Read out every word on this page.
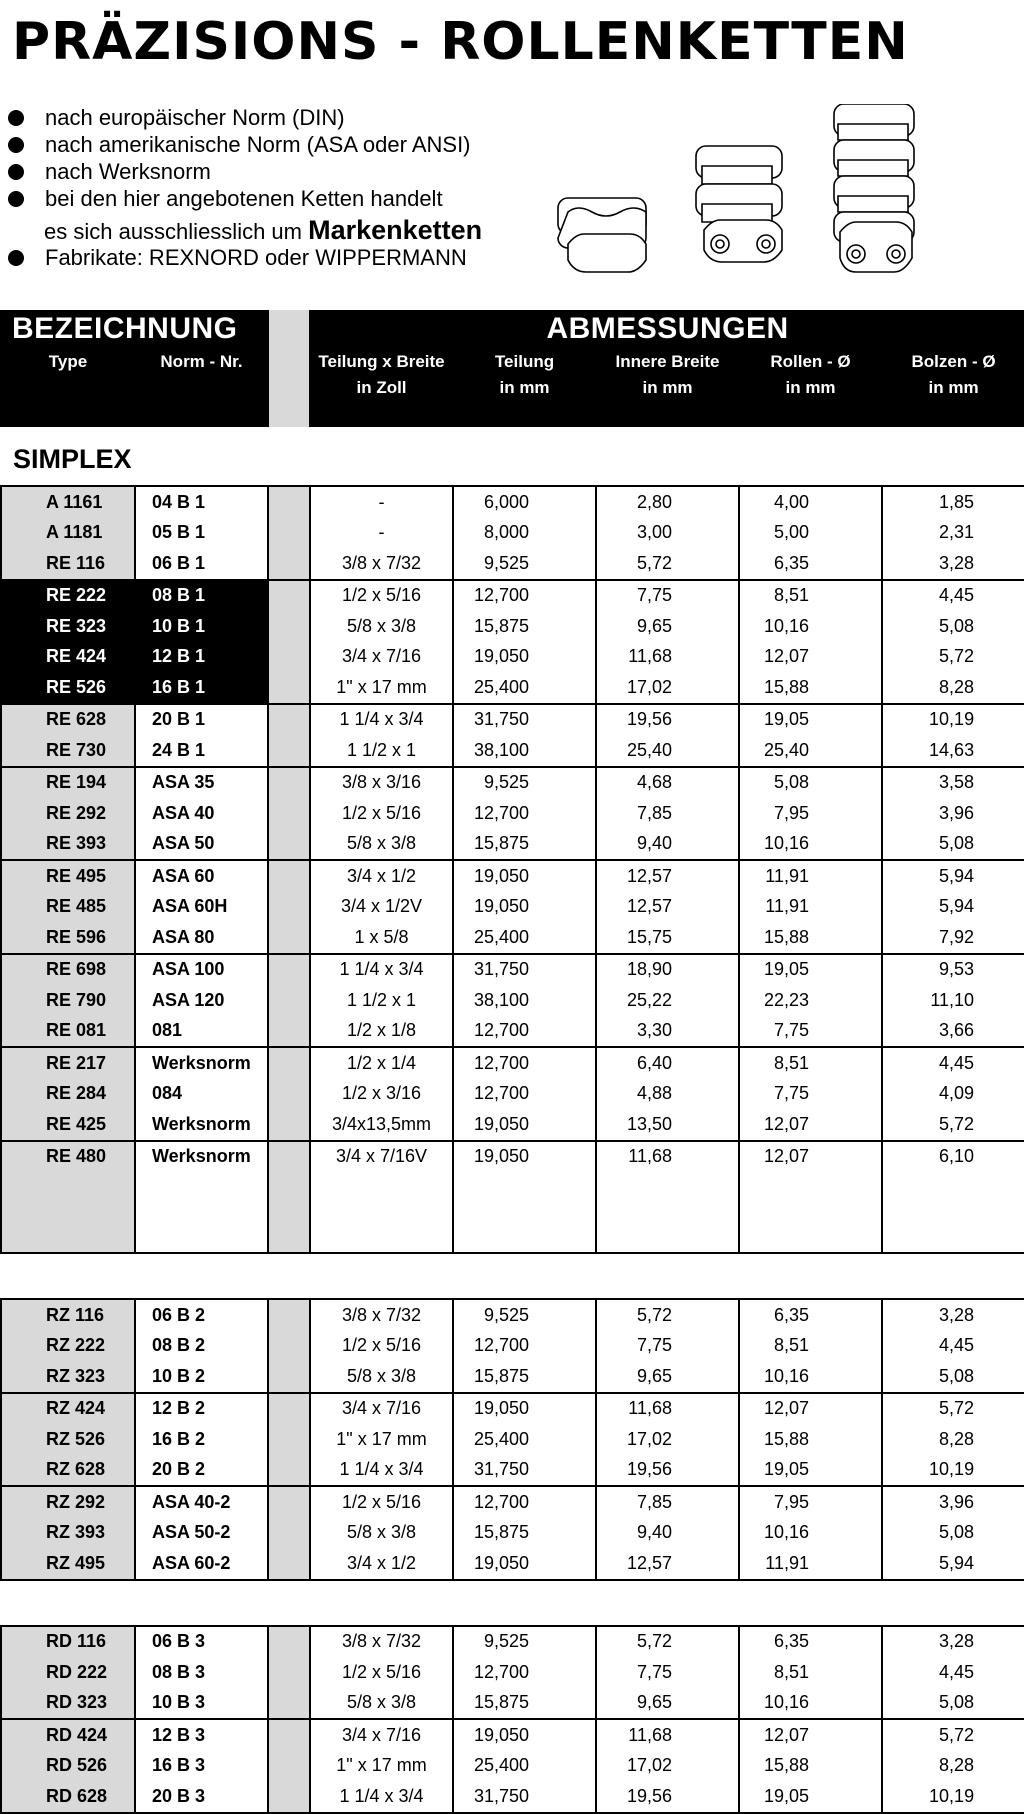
PRÄZISIONS - ROLLENKETTEN
nach europäischer Norm (DIN)
nach amerikanische Norm (ASA oder ANSI)
nach Werksnorm
bei den hier angebotenen Ketten handelt
es sich ausschliesslich um Markenketten
Fabrikate: REXNORD oder WIPPERMANN
BEZEICHNUNG			ABMESSUNGEN				
Type	Norm - Nr.		Teilung x Breite	Teilung	Innere Breite	Rollen - Ø	Bolzen - Ø
			in Zoll	in mm	in mm	in mm	in mm
SIMPLEX							
A 1161	04 B 1		-	6,000	2,80	4,00	1,85
A 1181	05 B 1		-	8,000	3,00	5,00	2,31
RE 116	06 B 1		3/8 x 7/32	9,525	5,72	6,35	3,28
RE 222	08 B 1		1/2 x 5/16	12,700	7,75	8,51	4,45
RE 323	10 B 1		5/8 x 3/8	15,875	9,65	10,16	5,08
RE 424	12 B 1		3/4 x 7/16	19,050	11,68	12,07	5,72
RE 526	16 B 1		1" x 17 mm	25,400	17,02	15,88	8,28
RE 628	20 B 1		1 1/4 x 3/4	31,750	19,56	19,05	10,19
RE 730	24 B 1		1 1/2 x 1	38,100	25,40	25,40	14,63
RE 194	ASA 35		3/8 x 3/16	9,525	4,68	5,08	3,58
RE 292	ASA 40		1/2 x 5/16	12,700	7,85	7,95	3,96
RE 393	ASA 50		5/8 x 3/8	15,875	9,40	10,16	5,08
RE 495	ASA 60		3/4 x 1/2	19,050	12,57	11,91	5,94
RE 485	ASA 60H		3/4 x 1/2V	19,050	12,57	11,91	5,94
RE 596	ASA 80		1 x 5/8	25,400	15,75	15,88	7,92
RE 698	ASA 100		1 1/4 x 3/4	31,750	18,90	19,05	9,53
RE 790	ASA 120		1 1/2 x 1	38,100	25,22	22,23	11,10
RE 081	081		1/2 x 1/8	12,700	3,30	7,75	3,66
RE 217	Werksnorm		1/2 x 1/4	12,700	6,40	8,51	4,45
RE 284	084		1/2 x 3/16	12,700	4,88	7,75	4,09
RE 425	Werksnorm		3/4x13,5mm	19,050	13,50	12,07	5,72
RE 480	Werksnorm		3/4 x 7/16V	19,050	11,68	12,07	6,10

RZ 116	06 B 2		3/8 x 7/32	9,525	5,72	6,35	3,28
RZ 222	08 B 2		1/2 x 5/16	12,700	7,75	8,51	4,45
RZ 323	10 B 2		5/8 x 3/8	15,875	9,65	10,16	5,08
RZ 424	12 B 2		3/4 x 7/16	19,050	11,68	12,07	5,72
RZ 526	16 B 2		1" x 17 mm	25,400	17,02	15,88	8,28
RZ 628	20 B 2		1 1/4 x 3/4	31,750	19,56	19,05	10,19
RZ 292	ASA 40-2		1/2 x 5/16	12,700	7,85	7,95	3,96
RZ 393	ASA 50-2		5/8 x 3/8	15,875	9,40	10,16	5,08
RZ 495	ASA 60-2		3/4 x 1/2	19,050	12,57	11,91	5,94

RD 116	06 B 3		3/8 x 7/32	9,525	5,72	6,35	3,28
RD 222	08 B 3		1/2 x 5/16	12,700	7,75	8,51	4,45
RD 323	10 B 3		5/8 x 3/8	15,875	9,65	10,16	5,08
RD 424	12 B 3		3/4 x 7/16	19,050	11,68	12,07	5,72
RD 526	16 B 3		1" x 17 mm	25,400	17,02	15,88	8,28
RD 628	20 B 3		1 1/4 x 3/4	31,750	19,56	19,05	10,19
